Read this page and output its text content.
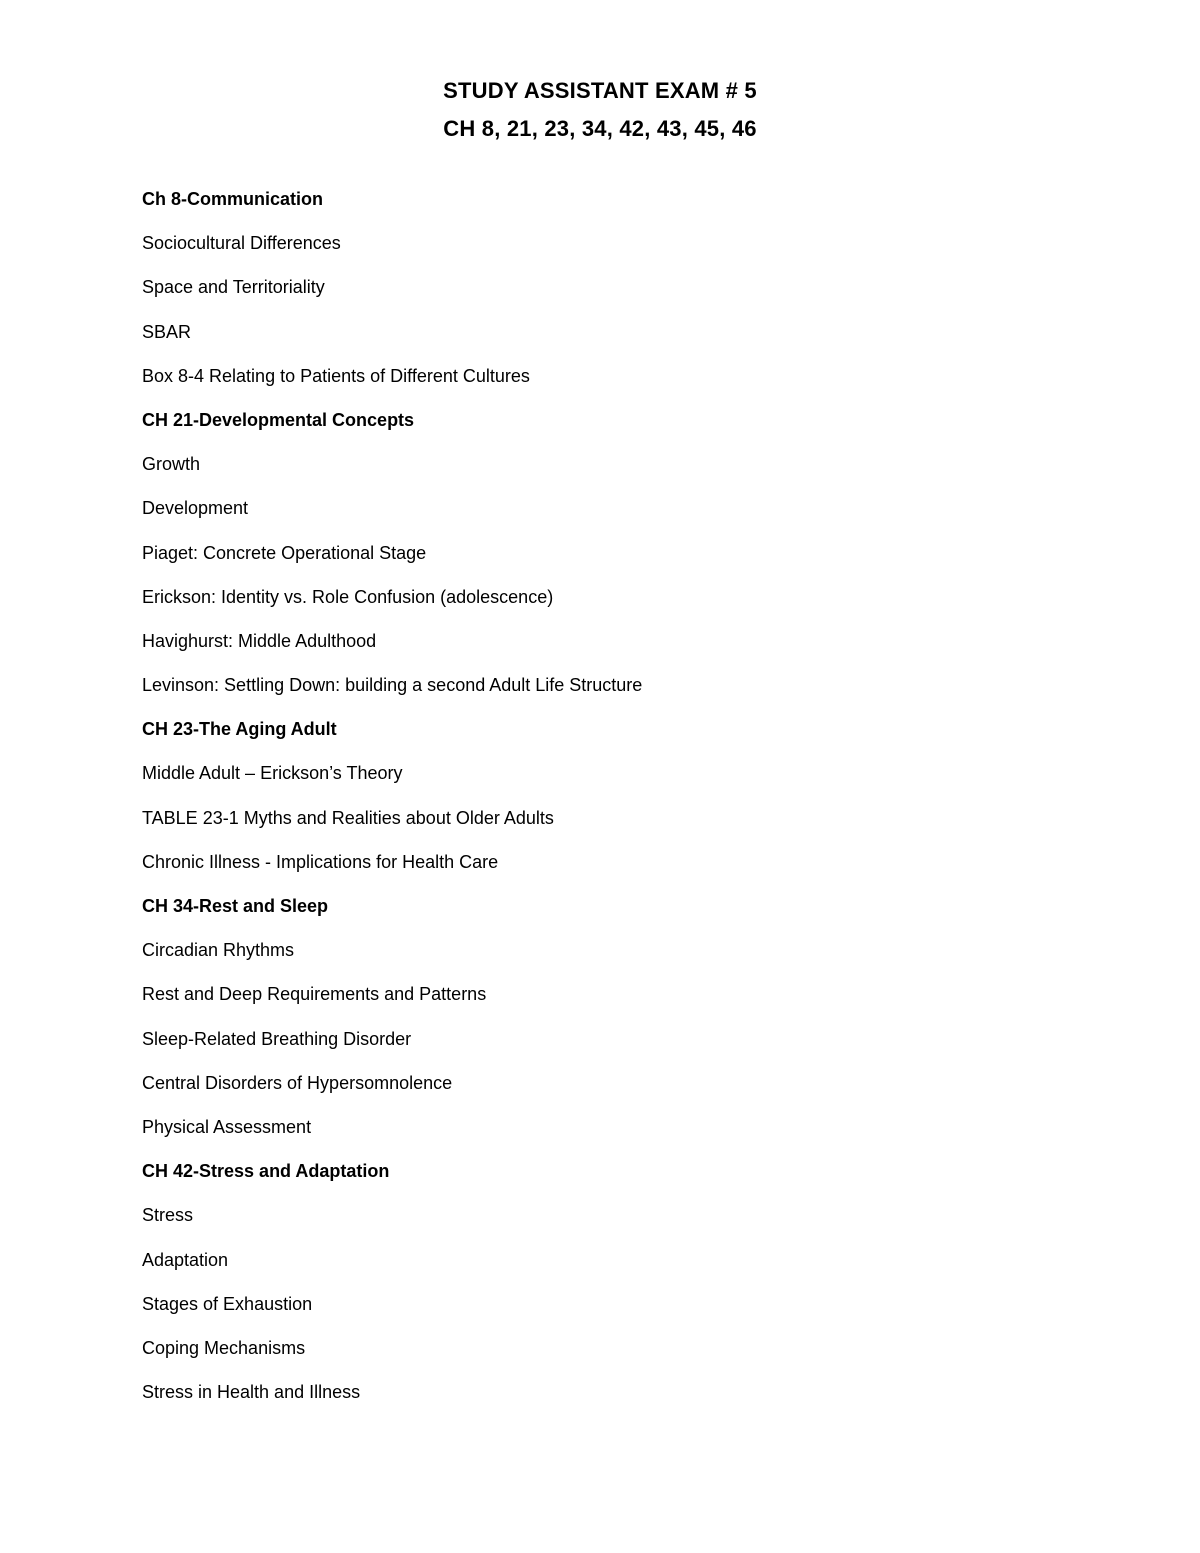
STUDY ASSISTANT EXAM # 5
CH 8, 21, 23, 34, 42, 43, 45, 46
Ch 8-Communication
Sociocultural Differences
Space and Territoriality
SBAR
Box 8-4 Relating to Patients of Different Cultures
CH 21-Developmental Concepts
Growth
Development
Piaget: Concrete Operational Stage
Erickson: Identity vs. Role Confusion (adolescence)
Havighurst: Middle Adulthood
Levinson: Settling Down: building a second Adult Life Structure
CH 23-The Aging Adult
Middle Adult – Erickson’s Theory
TABLE 23-1 Myths and Realities about Older Adults
Chronic Illness - Implications for Health Care
CH 34-Rest and Sleep
Circadian Rhythms
Rest and Deep Requirements and Patterns
Sleep-Related Breathing Disorder
Central Disorders of Hypersomnolence
Physical Assessment
CH 42-Stress and Adaptation
Stress
Adaptation
Stages of Exhaustion
Coping Mechanisms
Stress in Health and Illness
